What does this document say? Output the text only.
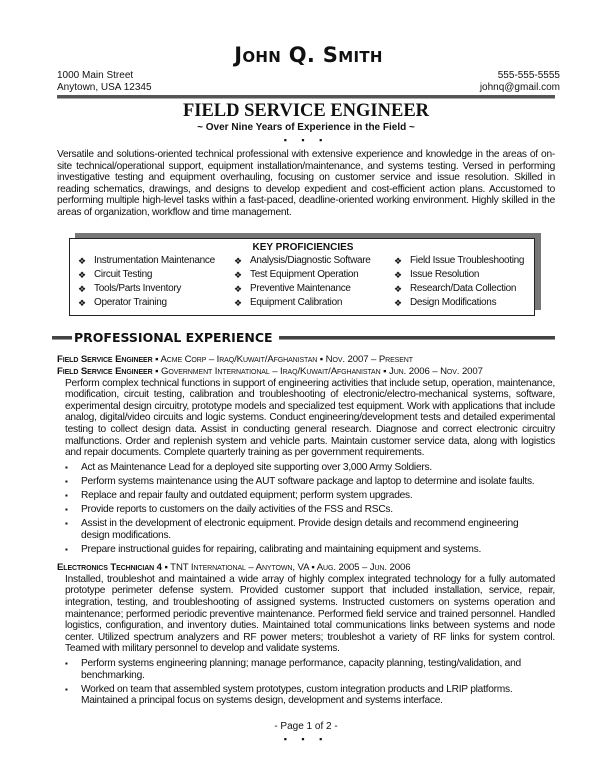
John Q. Smith
1000 Main Street
Anytown, USA 12345
555-555-5555
johnq@gmail.com
FIELD SERVICE ENGINEER
~ Over Nine Years of Experience in the Field ~
▪ ▪ ▪
Versatile and solutions-oriented technical professional with extensive experience and knowledge in the areas of on-site technical/operational support, equipment installation/maintenance, and systems testing. Versed in performing investigative testing and equipment overhauling, focusing on customer service and issue resolution. Skilled in reading schematics, drawings, and designs to develop expedient and cost-efficient action plans. Accustomed to performing multiple high-level tasks within a fast-paced, deadline-oriented working environment. Highly skilled in the areas of organization, workflow and time management.
KEY PROFICIENCIES
❖ Instrumentation Maintenance ❖ Analysis/Diagnostic Software	❖ Field Issue Troubleshooting
❖ Circuit Testing	❖ Test Equipment Operation	❖ Issue Resolution
❖ Tools/Parts Inventory	❖ Preventive Maintenance	❖ Research/Data Collection
❖ Operator Training	❖ Equipment Calibration	❖ Design Modifications
PROFESSIONAL EXPERIENCE
Field Service Engineer ▪ Acme Corp – Iraq/Kuwait/Afghanistan ▪ Nov. 2007 – Present
Field Service Engineer ▪ Government International – Iraq/Kuwait/Afghanistan ▪ Jun. 2006 – Nov. 2007
Perform complex technical functions in support of engineering activities that include setup, operation, maintenance, modification, circuit testing, calibration and troubleshooting of electronic/electro-mechanical systems, software, experimental design circuitry, prototype models and specialized test equipment. Work with applications that include analog, digital/video circuits and logic systems. Conduct engineering/development tests and detailed experimental testing to collect design data. Assist in conducting general research. Diagnose and correct electronic circuitry malfunctions. Order and replenish system and vehicle parts. Maintain customer service data, along with logistics and repair documents. Complete quarterly training as per government requirements.
▪ Act as Maintenance Lead for a deployed site supporting over 3,000 Army Soldiers.
▪ Perform systems maintenance using the AUT software package and laptop to determine and isolate faults.
▪ Replace and repair faulty and outdated equipment; perform system upgrades.
▪ Provide reports to customers on the daily activities of the FSS and RSCs.
▪ Assist in the development of electronic equipment. Provide design details and recommend engineering design modifications.
▪ Prepare instructional guides for repairing, calibrating and maintaining equipment and systems.
Electronics Technician 4 ▪ TNT International – Anytown, VA ▪ Aug. 2005 – Jun. 2006
Installed, troubleshot and maintained a wide array of highly complex integrated technology for a fully automated prototype perimeter defense system. Provided customer support that included installation, service, repair, integration, testing, and troubleshooting of assigned systems. Instructed customers on systems operation and maintenance; performed periodic preventive maintenance. Performed field service and trained personnel. Handled logistics, configuration, and inventory duties. Maintained total communications links between systems and node center. Utilized spectrum analyzers and RF power meters; troubleshot a variety of RF links for system control. Teamed with military personnel to develop and validate systems.
▪ Perform systems engineering planning; manage performance, capacity planning, testing/validation, and benchmarking.
▪ Worked on team that assembled system prototypes, custom integration products and LRIP platforms. Maintained a principal focus on systems design, development and systems interface.
- Page 1 of 2 -
▪ ▪ ▪
